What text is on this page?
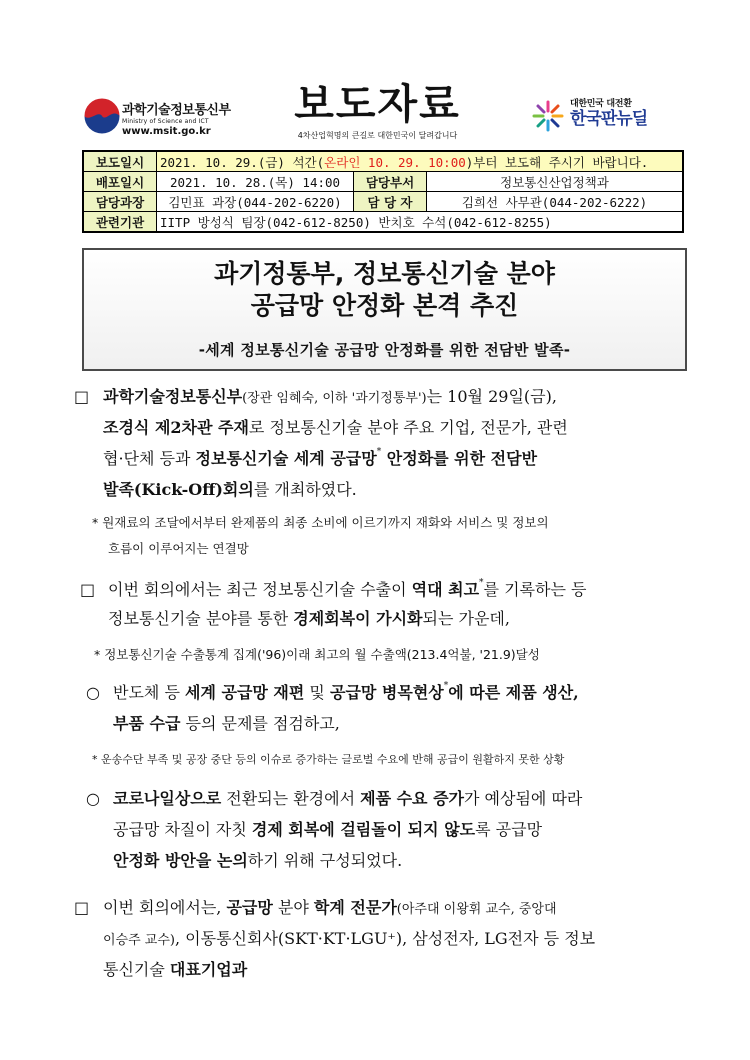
과학기술정보통신부
Ministry of Science and ICT
www.msit.go.kr
보도자료
4차산업혁명의 큰길로 대한민국이 달려갑니다
대한민국 대전환
한국판뉴딜
보도일시	2021. 10. 29.(금) 석간(온라인 10. 29. 10:00)부터 보도해 주시기 바랍니다.		
배포일시	2021. 10. 28.(목) 14:00	담당부서	정보통신산업정책과
담당과장	김민표 과장(044-202-6220)	담 당 자	김희선 사무관(044-202-6222)
관련기관	IITP 방성식 팀장(042-612-8250) 반치호 수석(042-612-8255)		
과기정통부, 정보통신기술 분야
공급망 안정화 본격 추진
-세계 정보통신기술 공급망 안정화를 위한 전담반 발족-
□ 과학기술정보통신부(장관 임혜숙, 이하 '과기정통부')는 10월 29일(금),
조경식 제2차관 주재로 정보통신기술 분야 주요 기업, 전문가, 관련
협·단체 등과 정보통신기술 세계 공급망* 안정화를 위한 전담반
발족(Kick-Off)회의를 개최하였다.
* 원재료의 조달에서부터 완제품의 최종 소비에 이르기까지 재화와 서비스 및 정보의
흐름이 이루어지는 연결망
□ 이번 회의에서는 최근 정보통신기술 수출이 역대 최고*를 기록하는 등
정보통신기술 분야를 통한 경제회복이 가시화되는 가운데,
* 정보통신기술 수출통계 집계('96)이래 최고의 월 수출액(213.4억불, '21.9)달성
○ 반도체 등 세계 공급망 재편 및 공급망 병목현상*에 따른 제품 생산,
부품 수급 등의 문제를 점검하고,
* 운송수단 부족 및 공장 중단 등의 이슈로 증가하는 글로벌 수요에 반해 공급이 원활하지 못한 상황
○ 코로나일상으로 전환되는 환경에서 제품 수요 증가가 예상됨에 따라
공급망 차질이 자칫 경제 회복에 걸림돌이 되지 않도록 공급망
안정화 방안을 논의하기 위해 구성되었다.
□ 이번 회의에서는, 공급망 분야 학계 전문가(아주대 이왕휘 교수, 중앙대
이승주 교수), 이동통신회사(SKT·KT·LGU⁺), 삼성전자, LG전자 등 정보
통신기술 대표기업과
